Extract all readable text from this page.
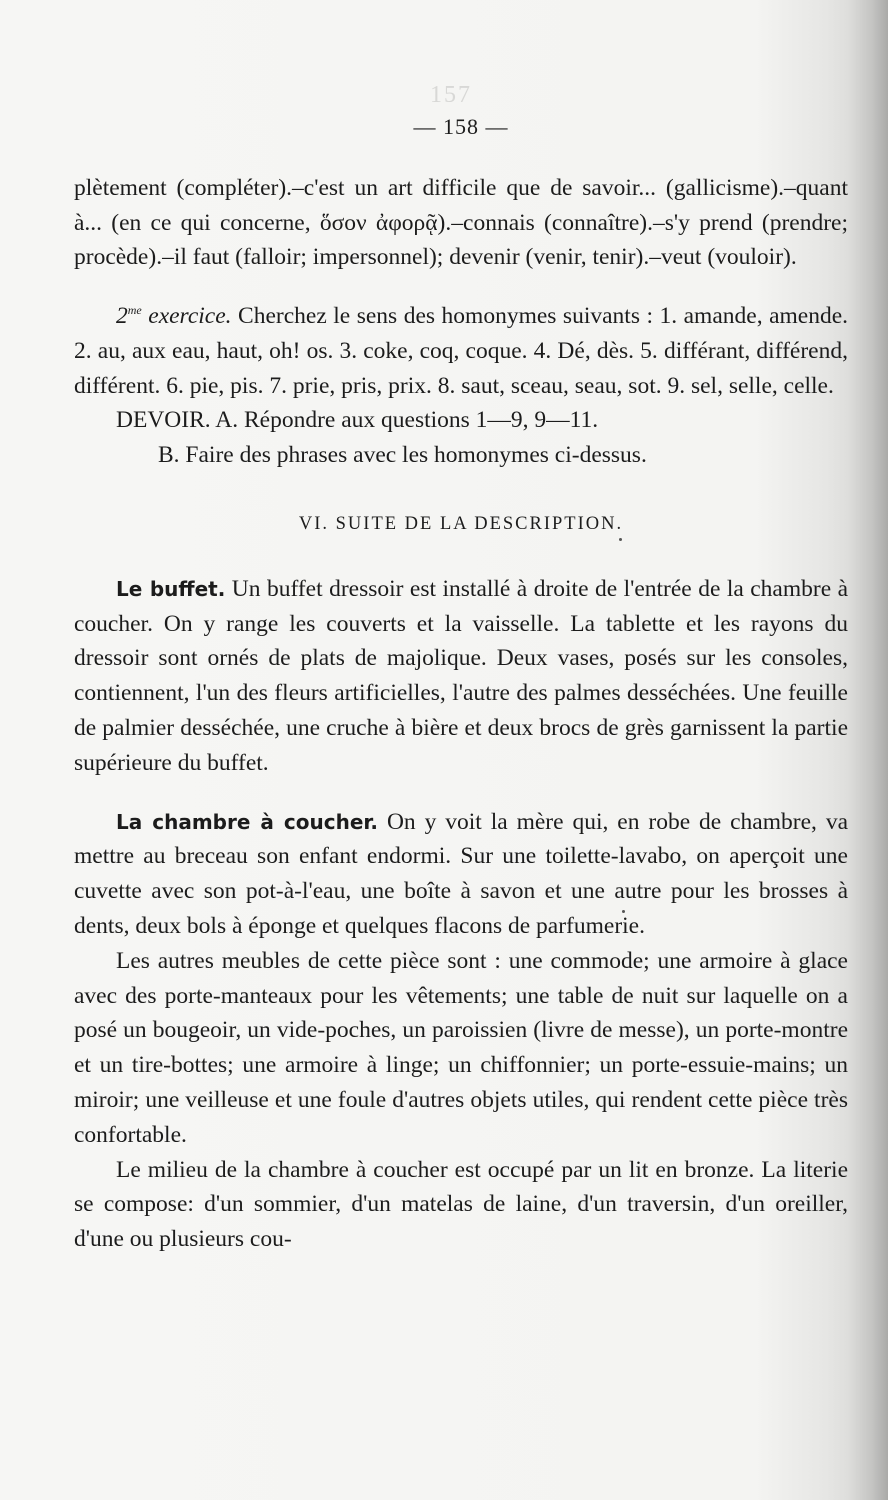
157
— 158 —

plètement (compléter).–c'est un art difficile que de savoir... (gallicisme).–quant à... (en ce qui concerne, ὅσον ἀφορᾷ).–connais (connaître).–s'y prend (prendre; procède).–il faut (falloir; impersonnel); devenir (venir, tenir).–veut (vouloir).

$2^{me}$ exercice. Cherchez le sens des homonymes suivants : 1. amande, amende. 2. au, aux eau, haut, oh! os. 3. coke, coq, coque. 4. Dé, dès. 5. différant, différend, différent. 6. pie, pis. 7. prie, pris, prix. 8. saut, sceau, seau, sot. 9. sel, selle, celle.

DEVOIR. A. Répondre aux questions 1—9, 9—11.

B. Faire des phrases avec les homonymes ci-dessus.

VI. SUITE DE LA DESCRIPTION.

Le buffet. Un buffet dressoir est installé à droite de l'entrée de la chambre à coucher. On y range les couverts et la vaisselle. La tablette et les rayons du dressoir sont ornés de plats de majolique. Deux vases, posés sur les consoles, contiennent, l'un des fleurs artificielles, l'autre des palmes desséchées. Une feuille de palmier desséchée, une cruche à bière et deux brocs de grès garnissent la partie supérieure du buffet.

La chambre à coucher. On y voit la mère qui, en robe de chambre, va mettre au breceau son enfant endormi. Sur une toilette-lavabo, on aperçoit une cuvette avec son pot-à-l'eau, une boîte à savon et une autre pour les brosses à dents, deux bols à éponge et quelques flacons de parfumerie.

Les autres meubles de cette pièce sont : une commode; une armoire à glace avec des porte-manteaux pour les vêtements; une table de nuit sur laquelle on a posé un bougeoir, un vide-poches, un paroissien (livre de messe), un porte-montre et un tire-bottes; une armoire à linge; un chiffonnier; un porte-essuie-mains; un miroir; une veilleuse et une foule d'autres objets utiles, qui rendent cette pièce très confortable.

Le milieu de la chambre à coucher est occupé par un lit en bronze. La literie se compose: d'un sommier, d'un matelas de laine, d'un traversin, d'un oreiller, d'une ou plusieurs cou-
